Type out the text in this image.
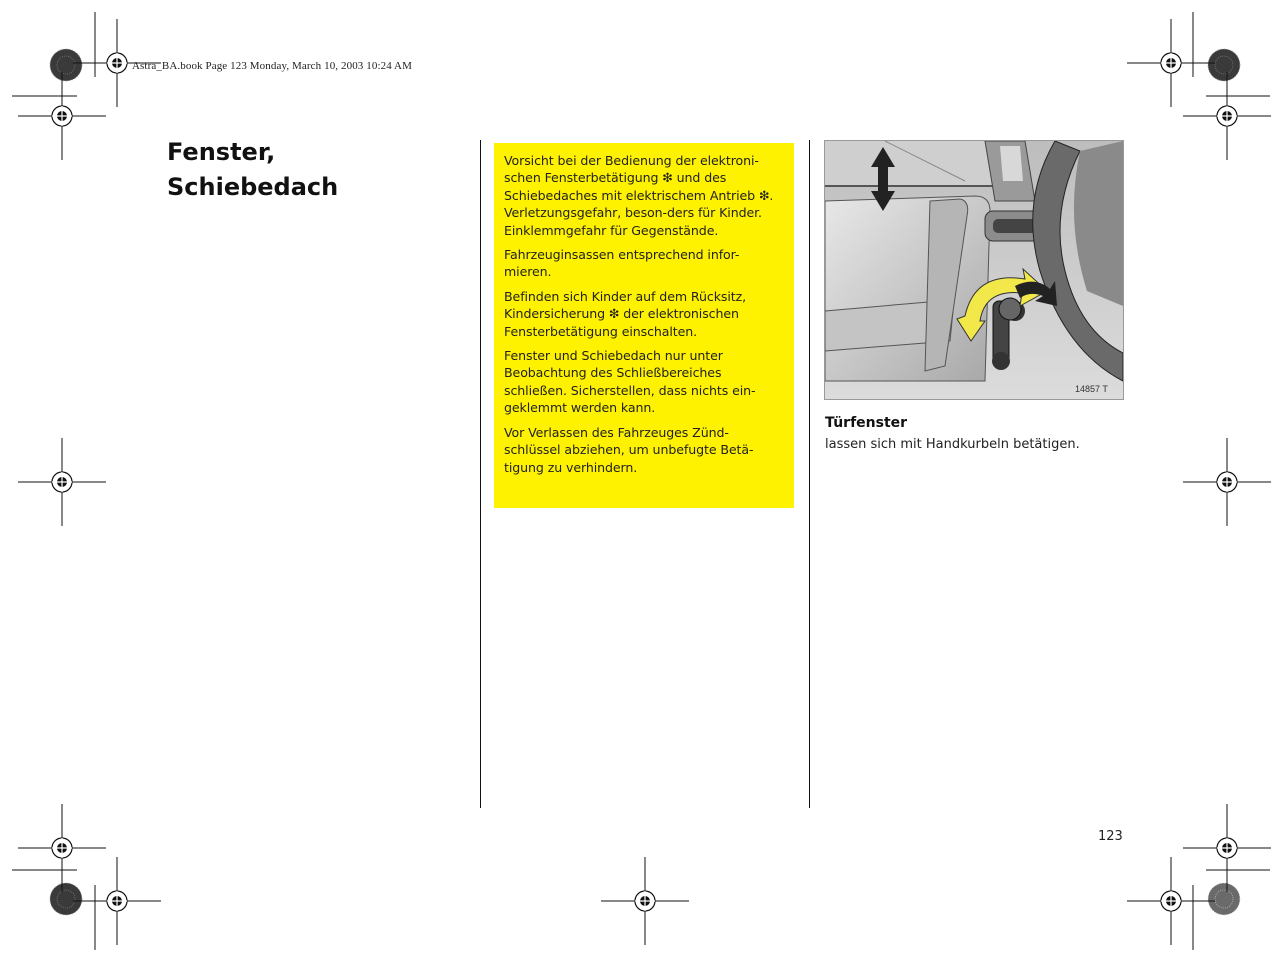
Astra_BA.book Page 123 Monday, March 10, 2003 10:24 AM
Fenster,
Schiebedach

Vorsicht bei der Bedienung der elektroni-schen Fensterbetätigung ❇ und des Schiebedaches mit elektrischem Antrieb ❇. Verletzungsgefahr, beson-ders für Kinder. Einklemmgefahr für Gegenstände.

Fahrzeuginsassen entsprechend infor-mieren.

Befinden sich Kinder auf dem Rücksitz, Kindersicherung ❇ der elektronischen Fensterbetätigung einschalten.

Fenster und Schiebedach nur unter Beobachtung des Schließbereiches schließen. Sicherstellen, dass nichts ein-geklemmt werden kann.

Vor Verlassen des Fahrzeuges Zünd-schlüssel abziehen, um unbefugte Betä-tigung zu verhindern.

14857 T
Türfenster

lassen sich mit Handkurbeln betätigen.

123
